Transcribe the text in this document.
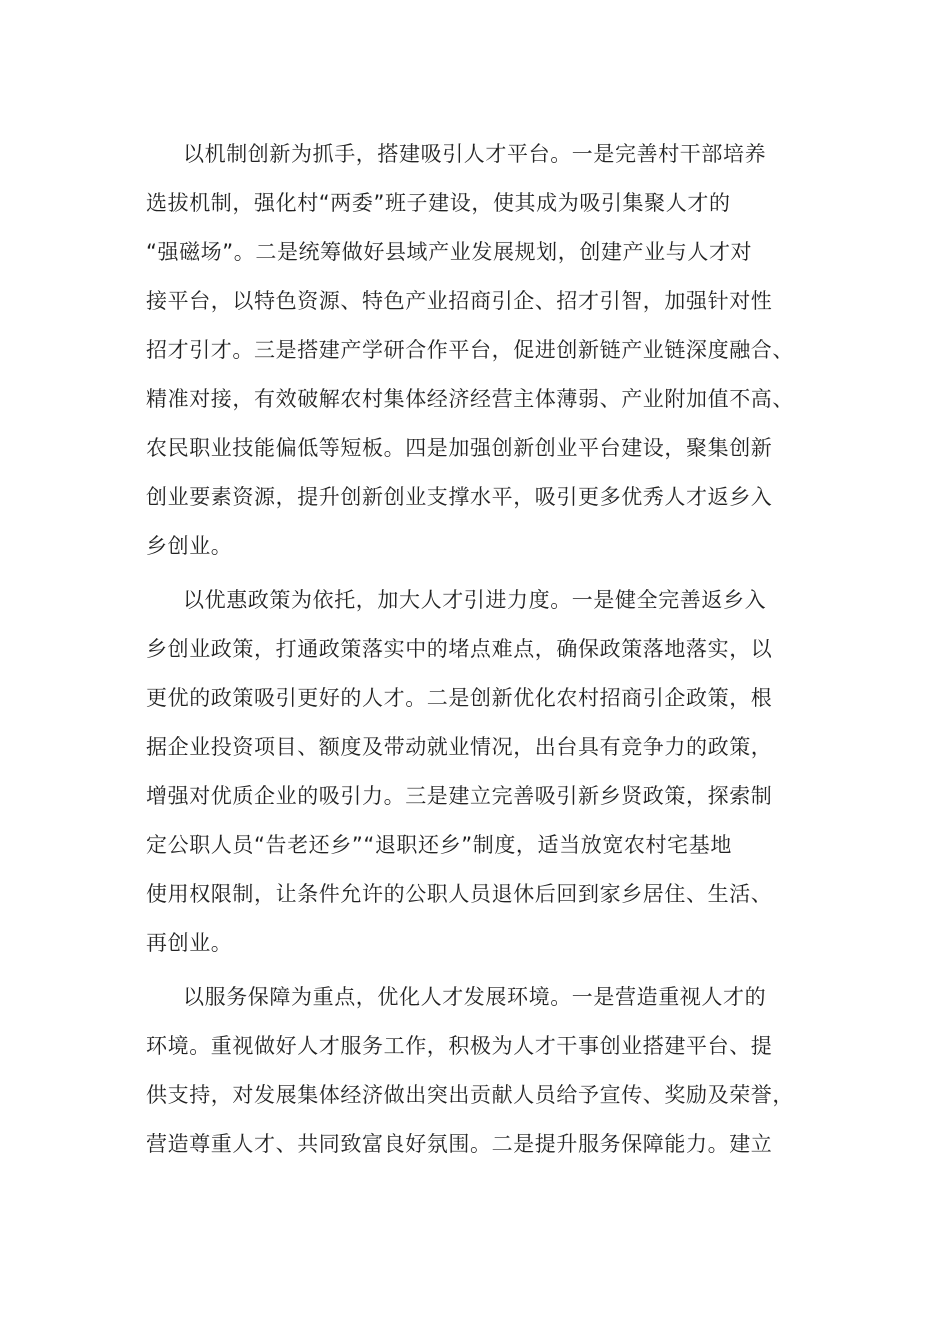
以机制创新为抓手，搭建吸引人才平台。一是完善村干部培养
选拔机制，强化村“两委”班子建设，使其成为吸引集聚人才的
“强磁场”。二是统筹做好县域产业发展规划，创建产业与人才对
接平台，以特色资源、特色产业招商引企、招才引智，加强针对性
招才引才。三是搭建产学研合作平台，促进创新链产业链深度融合、
精准对接，有效破解农村集体经济经营主体薄弱、产业附加值不高、
农民职业技能偏低等短板。四是加强创新创业平台建设，聚集创新
创业要素资源，提升创新创业支撑水平，吸引更多优秀人才返乡入
乡创业。
以优惠政策为依托，加大人才引进力度。一是健全完善返乡入
乡创业政策，打通政策落实中的堵点难点，确保政策落地落实，以
更优的政策吸引更好的人才。二是创新优化农村招商引企政策，根
据企业投资项目、额度及带动就业情况，出台具有竞争力的政策，
增强对优质企业的吸引力。三是建立完善吸引新乡贤政策，探索制
定公职人员“告老还乡”“退职还乡”制度，适当放宽农村宅基地
使用权限制，让条件允许的公职人员退休后回到家乡居住、生活、
再创业。
以服务保障为重点，优化人才发展环境。一是营造重视人才的
环境。重视做好人才服务工作，积极为人才干事创业搭建平台、提
供支持，对发展集体经济做出突出贡献人员给予宣传、奖励及荣誉，
营造尊重人才、共同致富良好氛围。二是提升服务保障能力。建立
